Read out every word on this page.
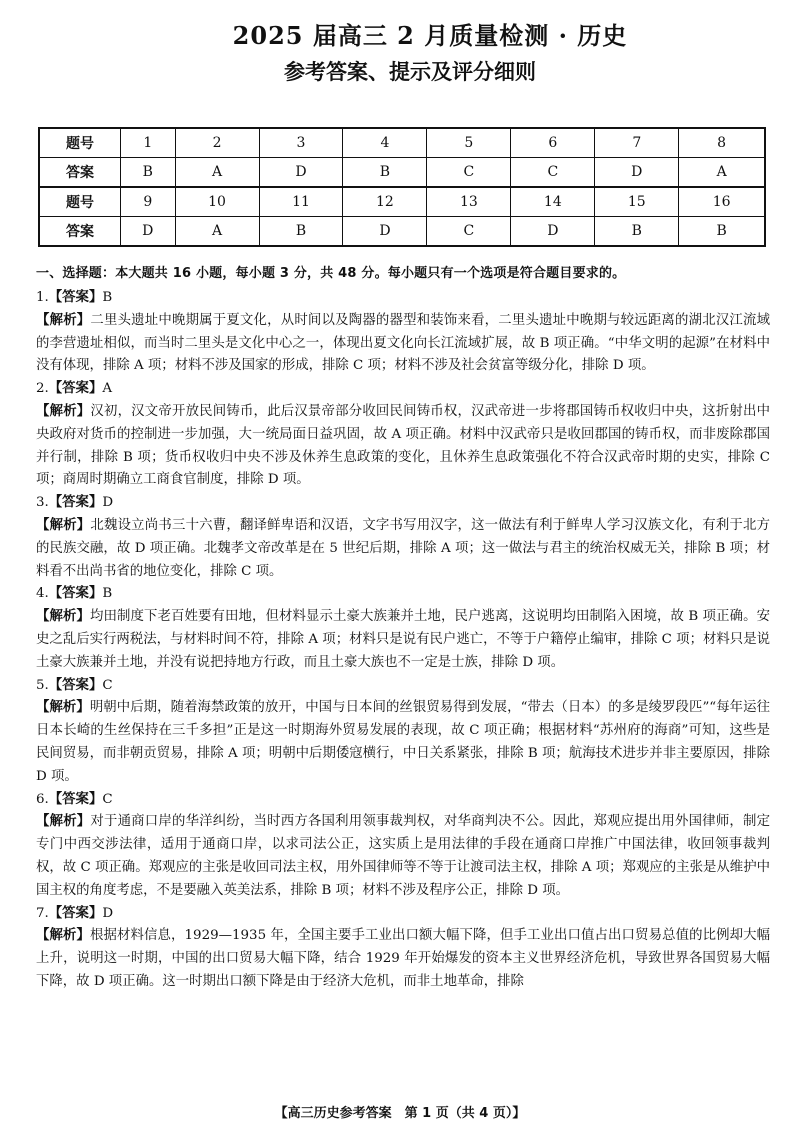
2025 届高三 2 月质量检测 · 历史
参考答案、提示及评分细则
题号	1	2	3	4	5	6	7	8
答案	B	A	D	B	C	C	D	A
题号	9	10	11	12	13	14	15	16
答案	D	A	B	D	C	D	B	B
一、选择题：本大题共 16 小题，每小题 3 分，共 48 分。每小题只有一个选项是符合题目要求的。

1.【答案】B

【解析】二里头遗址中晚期属于夏文化，从时间以及陶器的器型和装饰来看，二里头遗址中晚期与较远距离的湖北汉江流域的李营遗址相似，而当时二里头是文化中心之一，体现出夏文化向长江流域扩展，故 B 项正确。“中华文明的起源”在材料中没有体现，排除 A 项；材料不涉及国家的形成，排除 C 项；材料不涉及社会贫富等级分化，排除 D 项。

2.【答案】A

【解析】汉初，汉文帝开放民间铸币，此后汉景帝部分收回民间铸币权，汉武帝进一步将郡国铸币权收归中央，这折射出中央政府对货币的控制进一步加强，大一统局面日益巩固，故 A 项正确。材料中汉武帝只是收回郡国的铸币权，而非废除郡国并行制，排除 B 项；货币权收归中央不涉及休养生息政策的变化，且休养生息政策强化不符合汉武帝时期的史实，排除 C 项；商周时期确立工商食官制度，排除 D 项。

3.【答案】D

【解析】北魏设立尚书三十六曹，翻译鲜卑语和汉语，文字书写用汉字，这一做法有利于鲜卑人学习汉族文化，有利于北方的民族交融，故 D 项正确。北魏孝文帝改革是在 5 世纪后期，排除 A 项；这一做法与君主的统治权威无关，排除 B 项；材料看不出尚书省的地位变化，排除 C 项。

4.【答案】B

【解析】均田制度下老百姓要有田地，但材料显示土豪大族兼并土地，民户逃离，这说明均田制陷入困境，故 B 项正确。安史之乱后实行两税法，与材料时间不符，排除 A 项；材料只是说有民户逃亡，不等于户籍停止编审，排除 C 项；材料只是说土豪大族兼并土地，并没有说把持地方行政，而且土豪大族也不一定是士族，排除 D 项。

5.【答案】C

【解析】明朝中后期，随着海禁政策的放开，中国与日本间的丝银贸易得到发展，“带去（日本）的多是绫罗段匹”“每年运往日本长崎的生丝保持在三千多担”正是这一时期海外贸易发展的表现，故 C 项正确；根据材料“苏州府的海商”可知，这些是民间贸易，而非朝贡贸易，排除 A 项；明朝中后期倭寇横行，中日关系紧张，排除 B 项；航海技术进步并非主要原因，排除 D 项。

6.【答案】C

【解析】对于通商口岸的华洋纠纷，当时西方各国利用领事裁判权，对华商判决不公。因此，郑观应提出用外国律师，制定专门中西交涉法律，适用于通商口岸，以求司法公正，这实质上是用法律的手段在通商口岸推广中国法律，收回领事裁判权，故 C 项正确。郑观应的主张是收回司法主权，用外国律师等不等于让渡司法主权，排除 A 项；郑观应的主张是从维护中国主权的角度考虑，不是要融入英美法系，排除 B 项；材料不涉及程序公正，排除 D 项。

7.【答案】D

【解析】根据材料信息，1929—1935 年，全国主要手工业出口额大幅下降，但手工业出口值占出口贸易总值的比例却大幅上升，说明这一时期，中国的出口贸易大幅下降，结合 1929 年开始爆发的资本主义世界经济危机，导致世界各国贸易大幅下降，故 D 项正确。这一时期出口额下降是由于经济大危机，而非土地革命，排除

【高三历史参考答案　第 1 页（共 4 页）】
